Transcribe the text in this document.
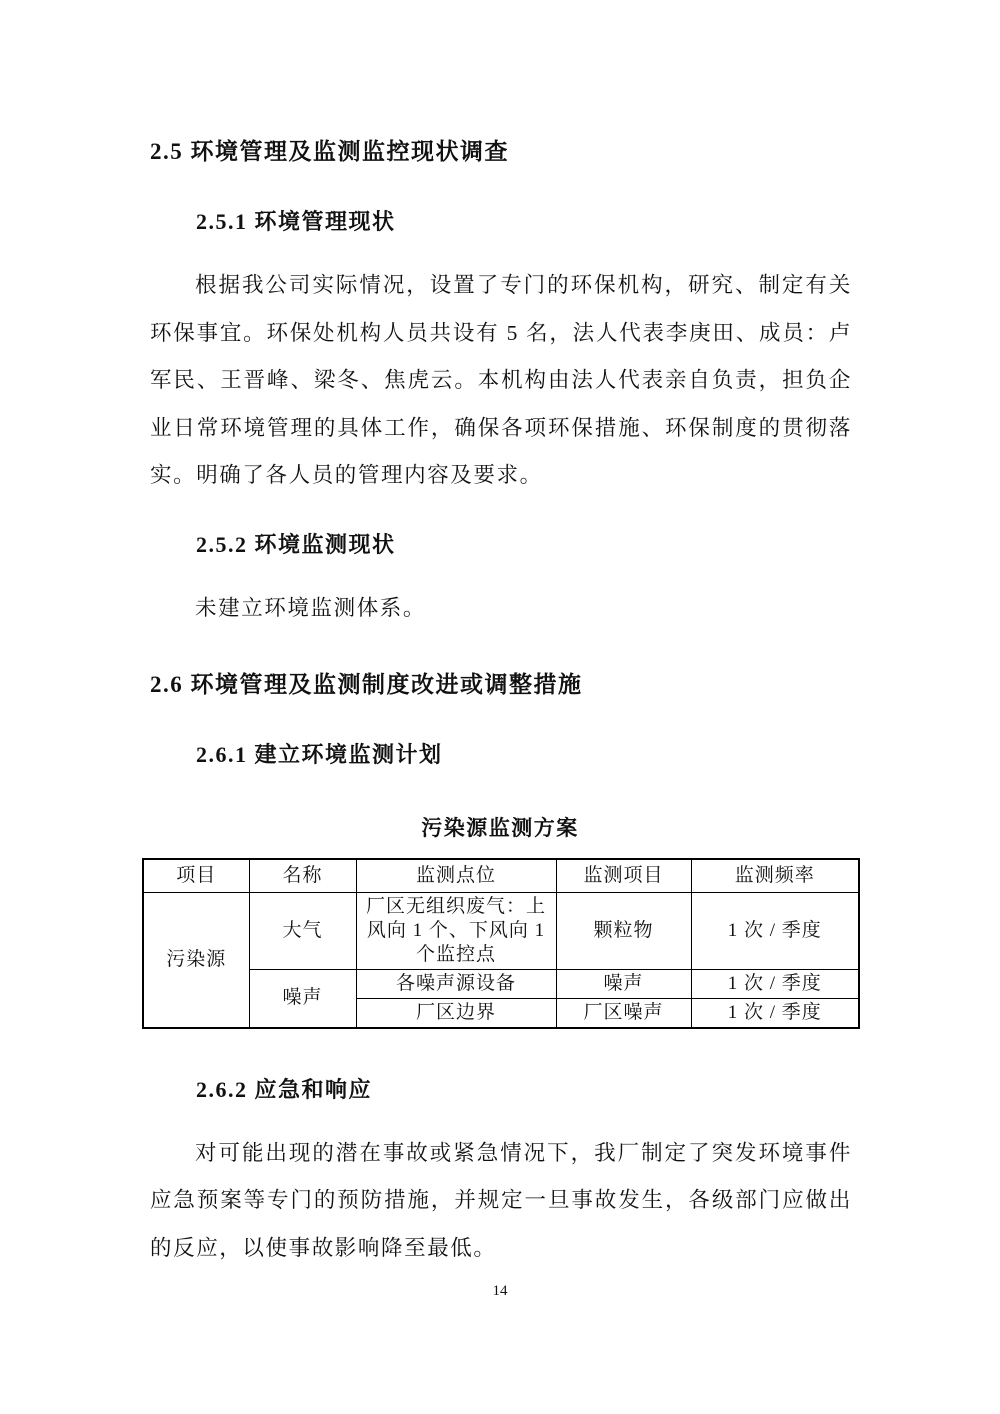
2.5 环境管理及监测监控现状调查
2.5.1 环境管理现状

根据我公司实际情况，设置了专门的环保机构，研究、制定有关环保事宜。环保处机构人员共设有 5 名，法人代表李庚田、成员：卢军民、王晋峰、梁冬、焦虎云。本机构由法人代表亲自负责，担负企业日常环境管理的具体工作，确保各项环保措施、环保制度的贯彻落实。明确了各人员的管理内容及要求。

2.5.2 环境监测现状

未建立环境监测体系。

2.6 环境管理及监测制度改进或调整措施
2.6.1 建立环境监测计划
污染源监测方案
项目	名称	监测点位	监测项目	监测频率
污染源	大气	厂区无组织废气：上风向 1 个、下风向 1 个监控点	颗粒物	1 次 / 季度
	噪声	各噪声源设备	噪声	1 次 / 季度
		厂区边界	厂区噪声	1 次 / 季度
2.6.2 应急和响应

对可能出现的潜在事故或紧急情况下，我厂制定了突发环境事件应急预案等专门的预防措施，并规定一旦事故发生，各级部门应做出的反应，以使事故影响降至最低。

14
